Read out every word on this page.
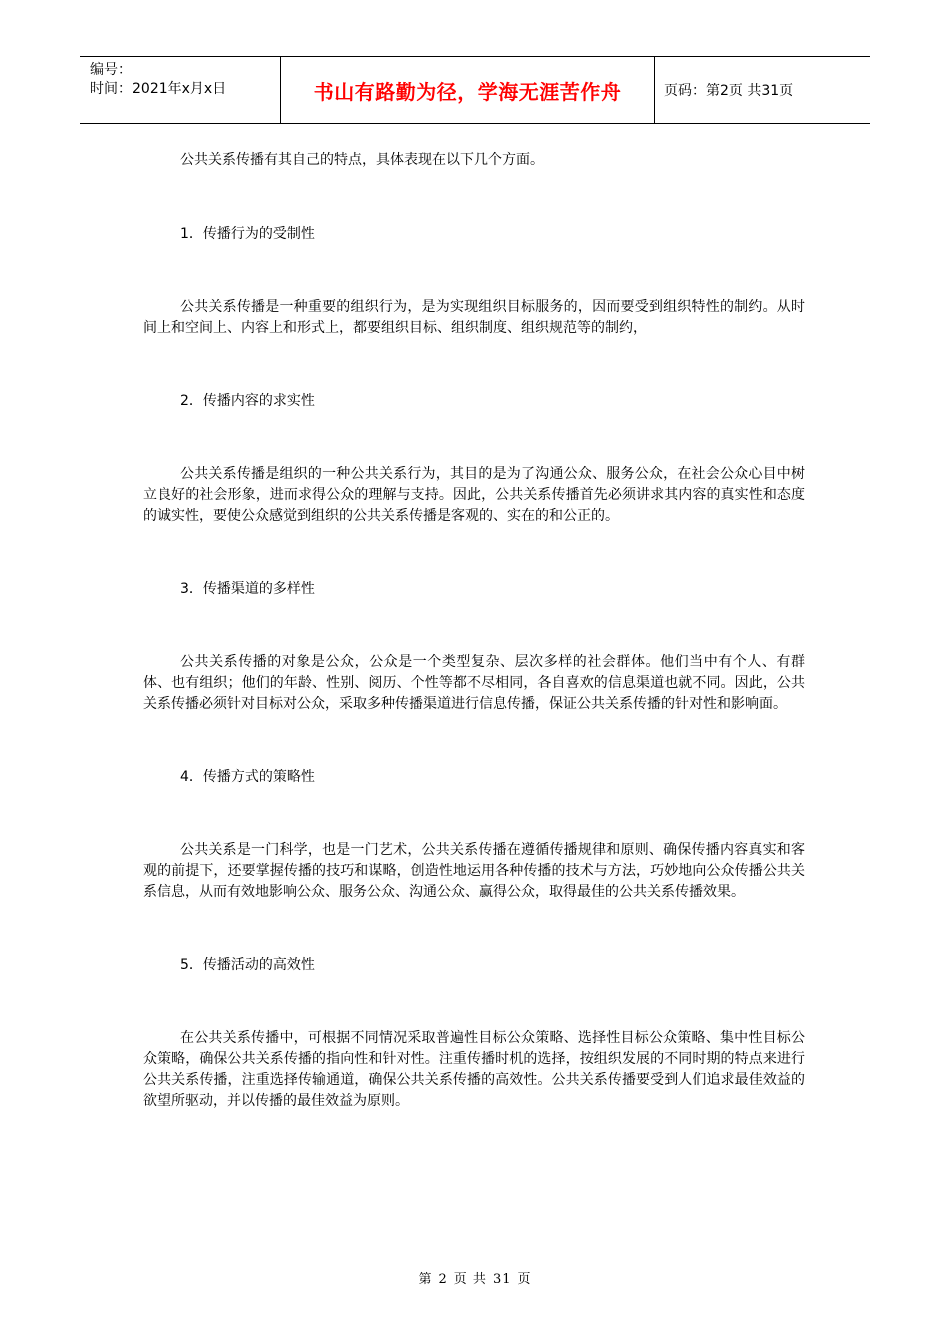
编号：
时间：2021年x月x日	书山有路勤为径，学海无涯苦作舟	页码：第2页 共31页

公共关系传播有其自己的特点，具体表现在以下几个方面。

1．传播行为的受制性

公共关系传播是一种重要的组织行为，是为实现组织目标服务的，因而要受到组织特性的制约。从时间上和空间上、内容上和形式上，都要组织目标、组织制度、组织规范等的制约，

2．传播内容的求实性

公共关系传播是组织的一种公共关系行为，其目的是为了沟通公众、服务公众，在社会公众心目中树立良好的社会形象，进而求得公众的理解与支持。因此，公共关系传播首先必须讲求其内容的真实性和态度的诚实性，要使公众感觉到组织的公共关系传播是客观的、实在的和公正的。

3．传播渠道的多样性

公共关系传播的对象是公众，公众是一个类型复杂、层次多样的社会群体。他们当中有个人、有群体、也有组织；他们的年龄、性别、阅历、个性等都不尽相同，各自喜欢的信息渠道也就不同。因此，公共关系传播必须针对目标对公众，采取多种传播渠道进行信息传播，保证公共关系传播的针对性和影响面。

4．传播方式的策略性

公共关系是一门科学，也是一门艺术，公共关系传播在遵循传播规律和原则、确保传播内容真实和客观的前提下，还要掌握传播的技巧和谋略，创造性地运用各种传播的技术与方法，巧妙地向公众传播公共关系信息，从而有效地影响公众、服务公众、沟通公众、赢得公众，取得最佳的公共关系传播效果。

5．传播活动的高效性

在公共关系传播中，可根据不同情况采取普遍性目标公众策略、选择性目标公众策略、集中性目标公众策略，确保公共关系传播的指向性和针对性。注重传播时机的选择，按组织发展的不同时期的特点来进行公共关系传播，注重选择传输通道，确保公共关系传播的高效性。公共关系传播要受到人们追求最佳效益的欲望所驱动，并以传播的最佳效益为原则。

第 2 页 共 31 页
